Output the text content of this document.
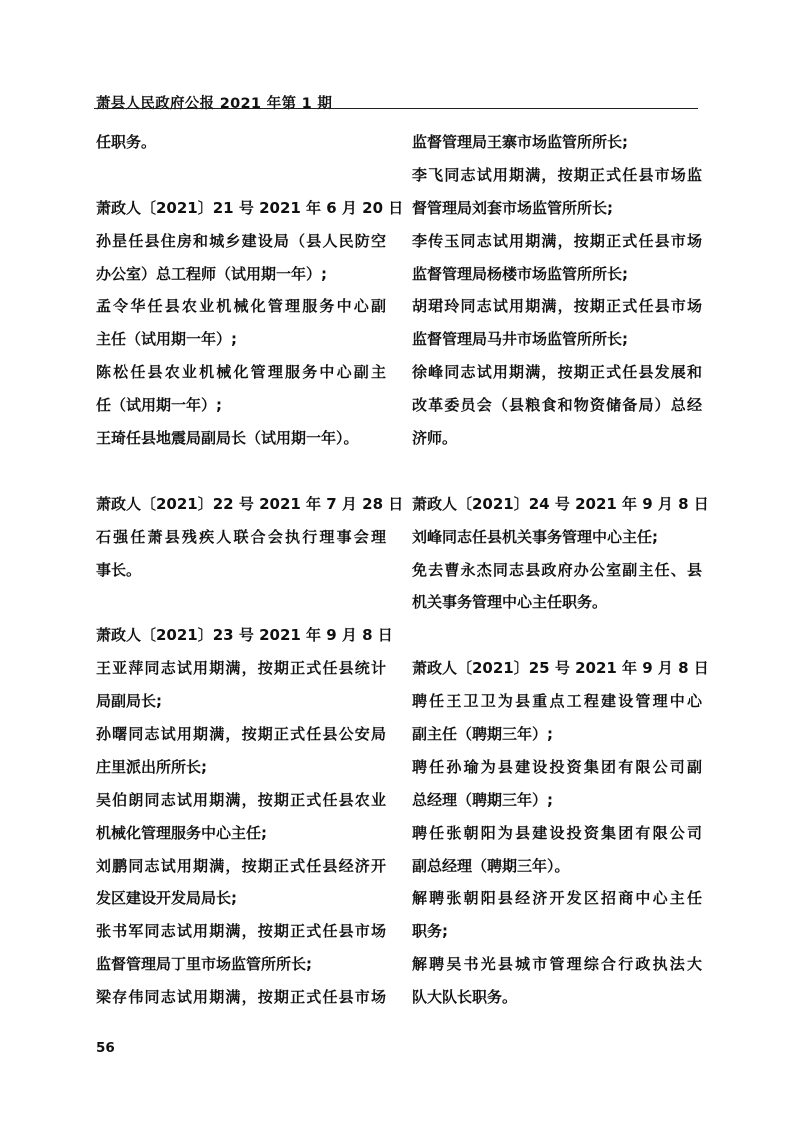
萧县人民政府公报 2021 年第 1 期
任职务。
萧政人〔2021〕21 号 2021 年 6 月 20 日
孙昰任县住房和城乡建设局（县人民防空
办公室）总工程师（试用期一年）;
孟令华任县农业机械化管理服务中心副
主任（试用期一年）;
陈松任县农业机械化管理服务中心副主
任（试用期一年）;
王琦任县地震局副局长（试用期一年）。
萧政人〔2021〕22 号 2021 年 7 月 28 日
石强任萧县残疾人联合会执行理事会理
事长。
萧政人〔2021〕23 号 2021 年 9 月 8 日
王亚萍同志试用期满，按期正式任县统计
局副局长;
孙曙同志试用期满，按期正式任县公安局
庄里派出所所长;
吴伯朗同志试用期满，按期正式任县农业
机械化管理服务中心主任;
刘鹏同志试用期满，按期正式任县经济开
发区建设开发局局长;
张书军同志试用期满，按期正式任县市场
监督管理局丁里市场监管所所长;
梁存伟同志试用期满，按期正式任县市场
监督管理局王寨市场监管所所长;
李飞同志试用期满，按期正式任县市场监
督管理局刘套市场监管所所长;
李传玉同志试用期满，按期正式任县市场
监督管理局杨楼市场监管所所长;
胡珺玲同志试用期满，按期正式任县市场
监督管理局马井市场监管所所长;
徐峰同志试用期满，按期正式任县发展和
改革委员会（县粮食和物资储备局）总经
济师。
萧政人〔2021〕24 号 2021 年 9 月 8 日
刘峰同志任县机关事务管理中心主任;
免去曹永杰同志县政府办公室副主任、县
机关事务管理中心主任职务。
萧政人〔2021〕25 号 2021 年 9 月 8 日
聘任王卫卫为县重点工程建设管理中心
副主任（聘期三年）;
聘任孙瑜为县建设投资集团有限公司副
总经理（聘期三年）;
聘任张朝阳为县建设投资集团有限公司
副总经理（聘期三年）。
解聘张朝阳县经济开发区招商中心主任
职务;
解聘吴书光县城市管理综合行政执法大
队大队长职务。
56
